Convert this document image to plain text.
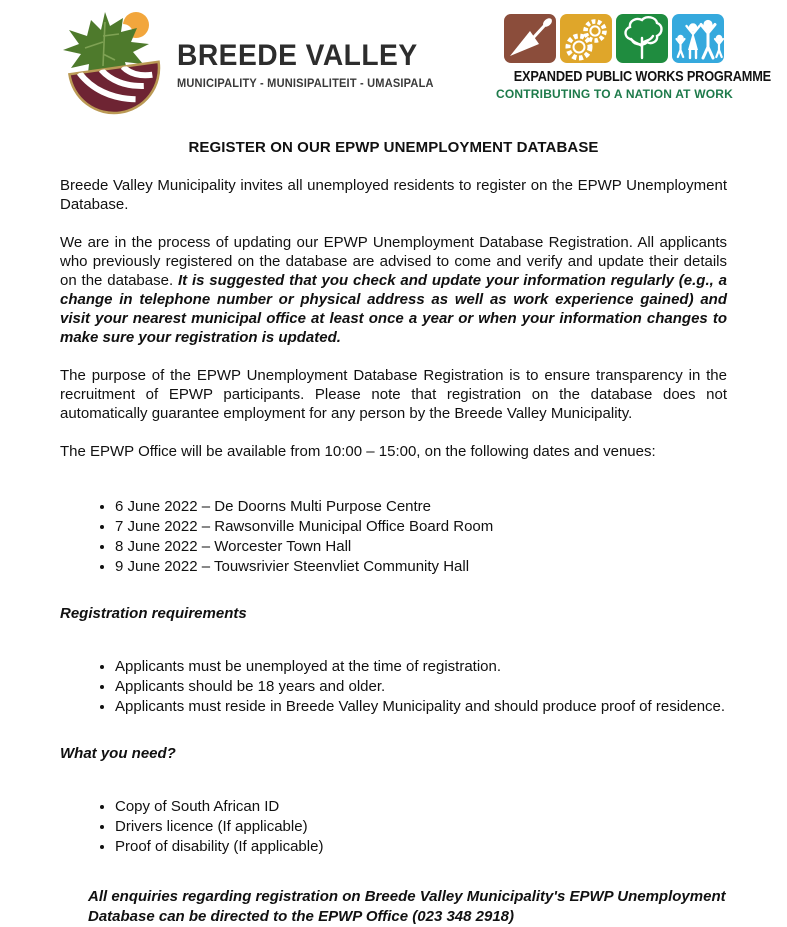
BREEDE VALLEY
MUNICIPALITY - MUNISIPALITEIT - UMASIPALA	EXPANDED PUBLIC WORKS PROGRAMME
CONTRIBUTING TO A NATION AT WORK
REGISTER ON OUR EPWP UNEMPLOYMENT DATABASE

Breede Valley Municipality invites all unemployed residents to register on the EPWP Unemployment Database.

We are in the process of updating our EPWP Unemployment Database Registration. All applicants who previously registered on the database are advised to come and verify and update their details on the database. It is suggested that you check and update your information regularly (e.g., a change in telephone number or physical address as well as work experience gained) and visit your nearest municipal office at least once a year or when your information changes to make sure your registration is updated.

The purpose of the EPWP Unemployment Database Registration is to ensure transparency in the recruitment of EPWP participants. Please note that registration on the database does not automatically guarantee employment for any person by the Breede Valley Municipality.

The EPWP Office will be available from 10:00 – 15:00, on the following dates and venues:

• 6 June 2022 – De Doorns Multi Purpose Centre
• 7 June 2022 – Rawsonville Municipal Office Board Room
• 8 June 2022 – Worcester Town Hall
• 9 June 2022 – Touwsrivier Steenvliet Community Hall
Registration requirements
• Applicants must be unemployed at the time of registration.
• Applicants should be 18 years and older.
• Applicants must reside in Breede Valley Municipality and should produce proof of residence.
What you need?
• Copy of South African ID
• Drivers licence (If applicable)
• Proof of disability (If applicable)
All enquiries regarding registration on Breede Valley Municipality's EPWP Unemployment Database can be directed to the EPWP Office (023 348 2918)
